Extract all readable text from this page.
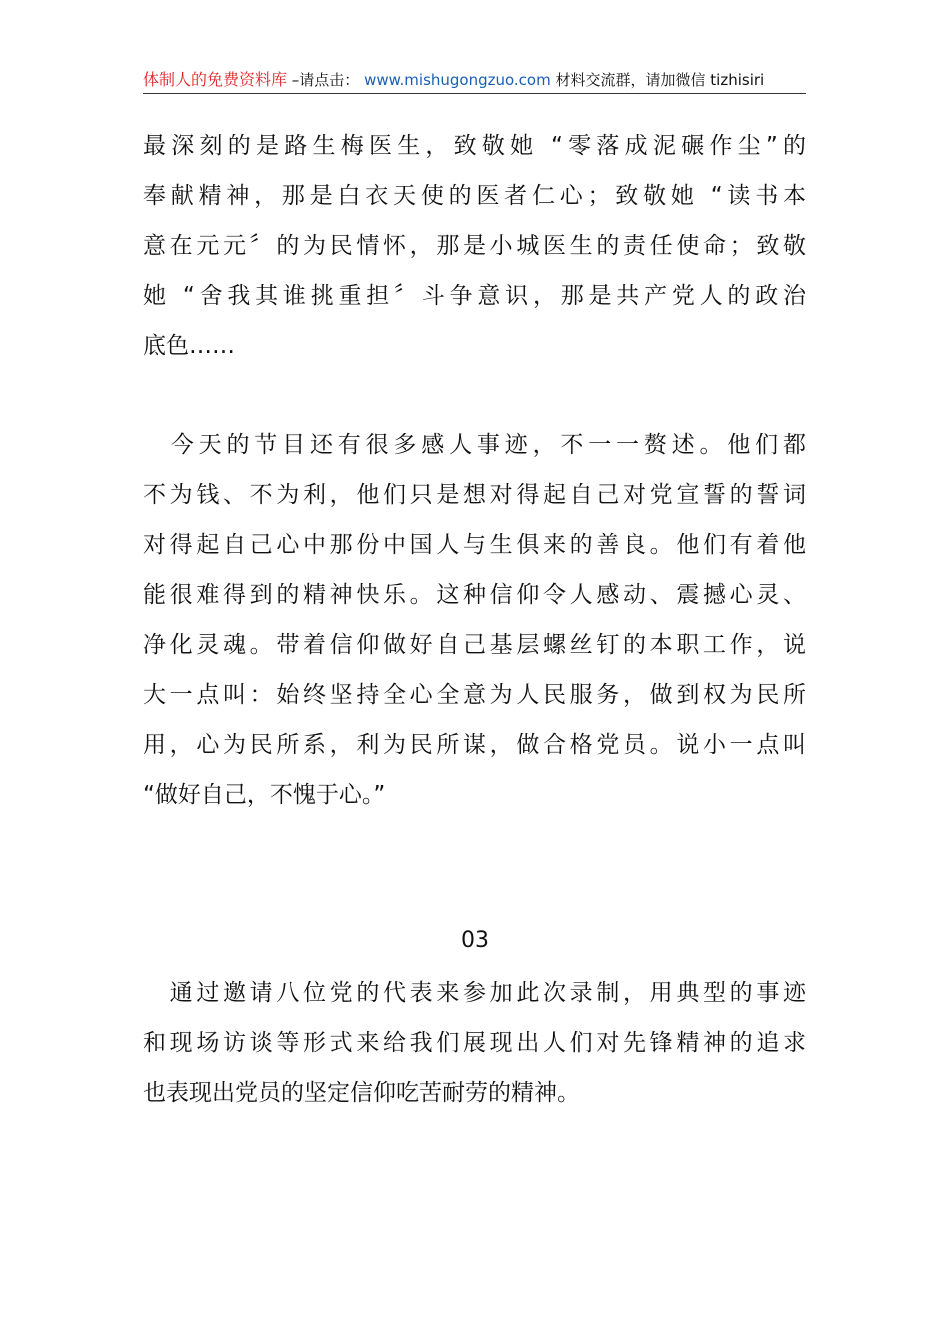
体制人的免费资料库 –请点击： www.mishugongzuo.com 材料交流群，请加微信 tizhisiri
最深刻的是路生梅医生，致敬她 “零落成泥碾作尘”的
奉献精神，那是白衣天使的医者仁心；致敬她 “读书本
意在元元〞的为民情怀，那是小城医生的责任使命；致敬
她 “舍我其谁挑重担〞斗争意识，那是共产党人的政治
底色……
　今天的节目还有很多感人事迹，不一一赘述。他们都
不为钱、不为利，他们只是想对得起自己对党宣誓的誓词
对得起自己心中那份中国人与生俱来的善良。他们有着他
能很难得到的精神快乐。这种信仰令人感动、震撼心灵、
净化灵魂。带着信仰做好自己基层螺丝钉的本职工作，说
大一点叫：始终坚持全心全意为人民服务，做到权为民所
用，心为民所系，利为民所谋，做合格党员。说小一点叫
“做好自己，不愧于心。”
03
　通过邀请八位党的代表来参加此次录制，用典型的事迹
和现场访谈等形式来给我们展现出人们对先锋精神的追求
也表现出党员的坚定信仰吃苦耐劳的精神。
